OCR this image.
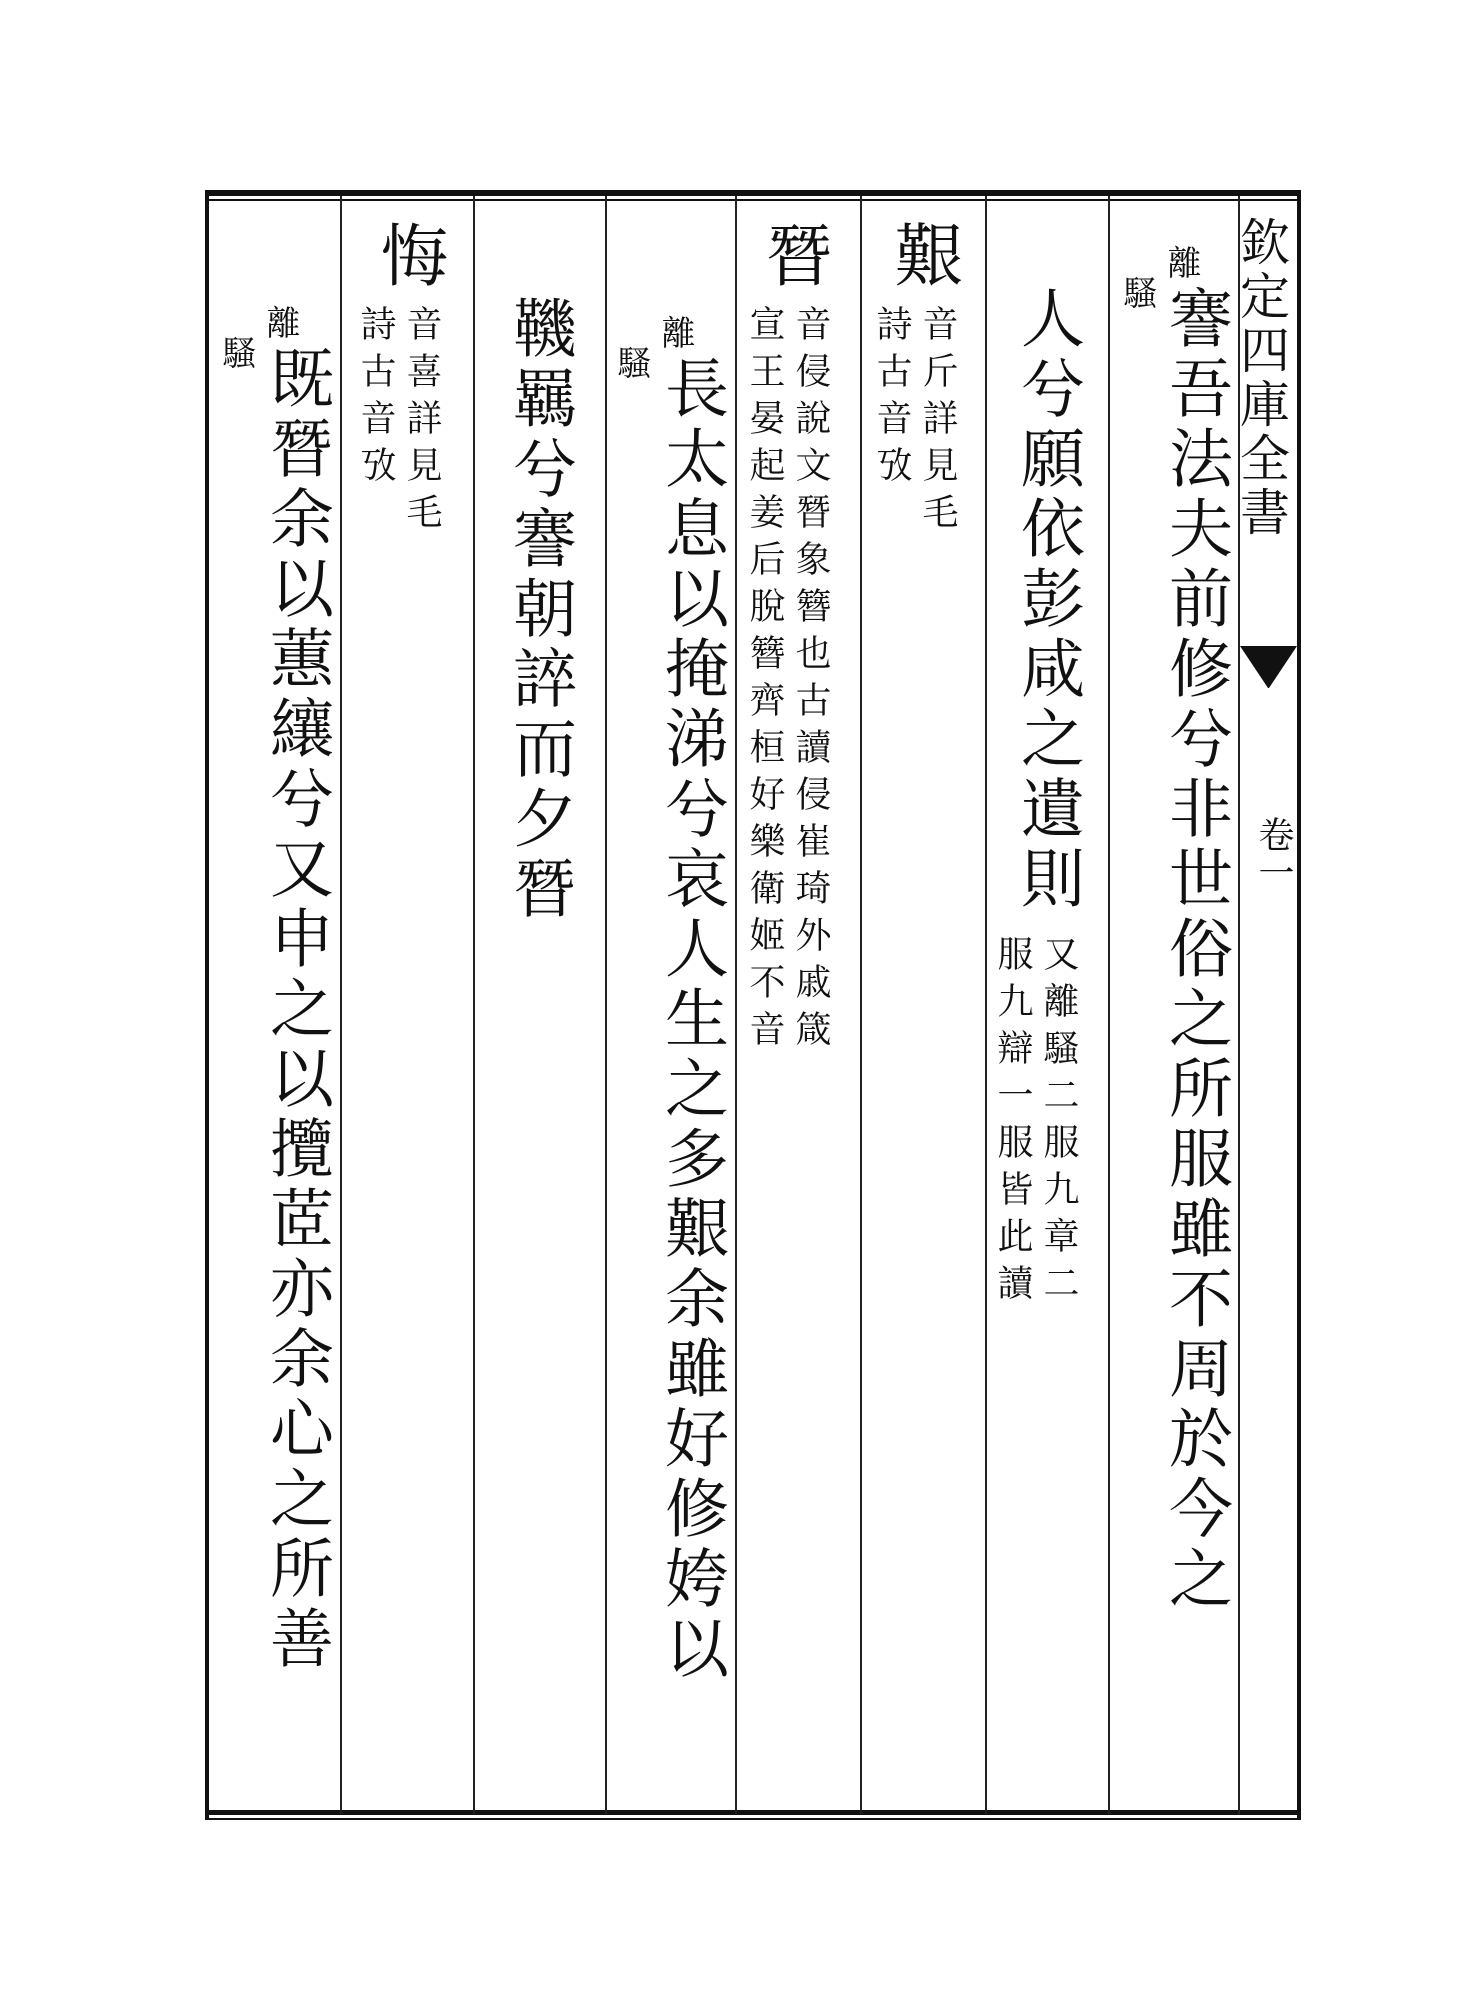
欽定四庫全書
卷一
離
騷 謇吾法夫前修兮非世俗之所服雖不周於今之
人兮願依彭咸之遺則
又離騷二服九章二
服九辯一服皆此讀
艱
音斤詳見毛
詩古音攷
朁
音侵說文朁象簪也古讀侵崔琦外戚箴
宣王晏起姜后脫簪齊桓好樂衛姬不音
離
騷 長太息以掩涕兮哀人生之多艱余雖好修姱以
鞿羈兮謇朝誶而夕朁
悔
音喜詳見毛
詩古音攷
離
騷 既朁余以蕙纕兮又申之以攬茝亦余心之所善
